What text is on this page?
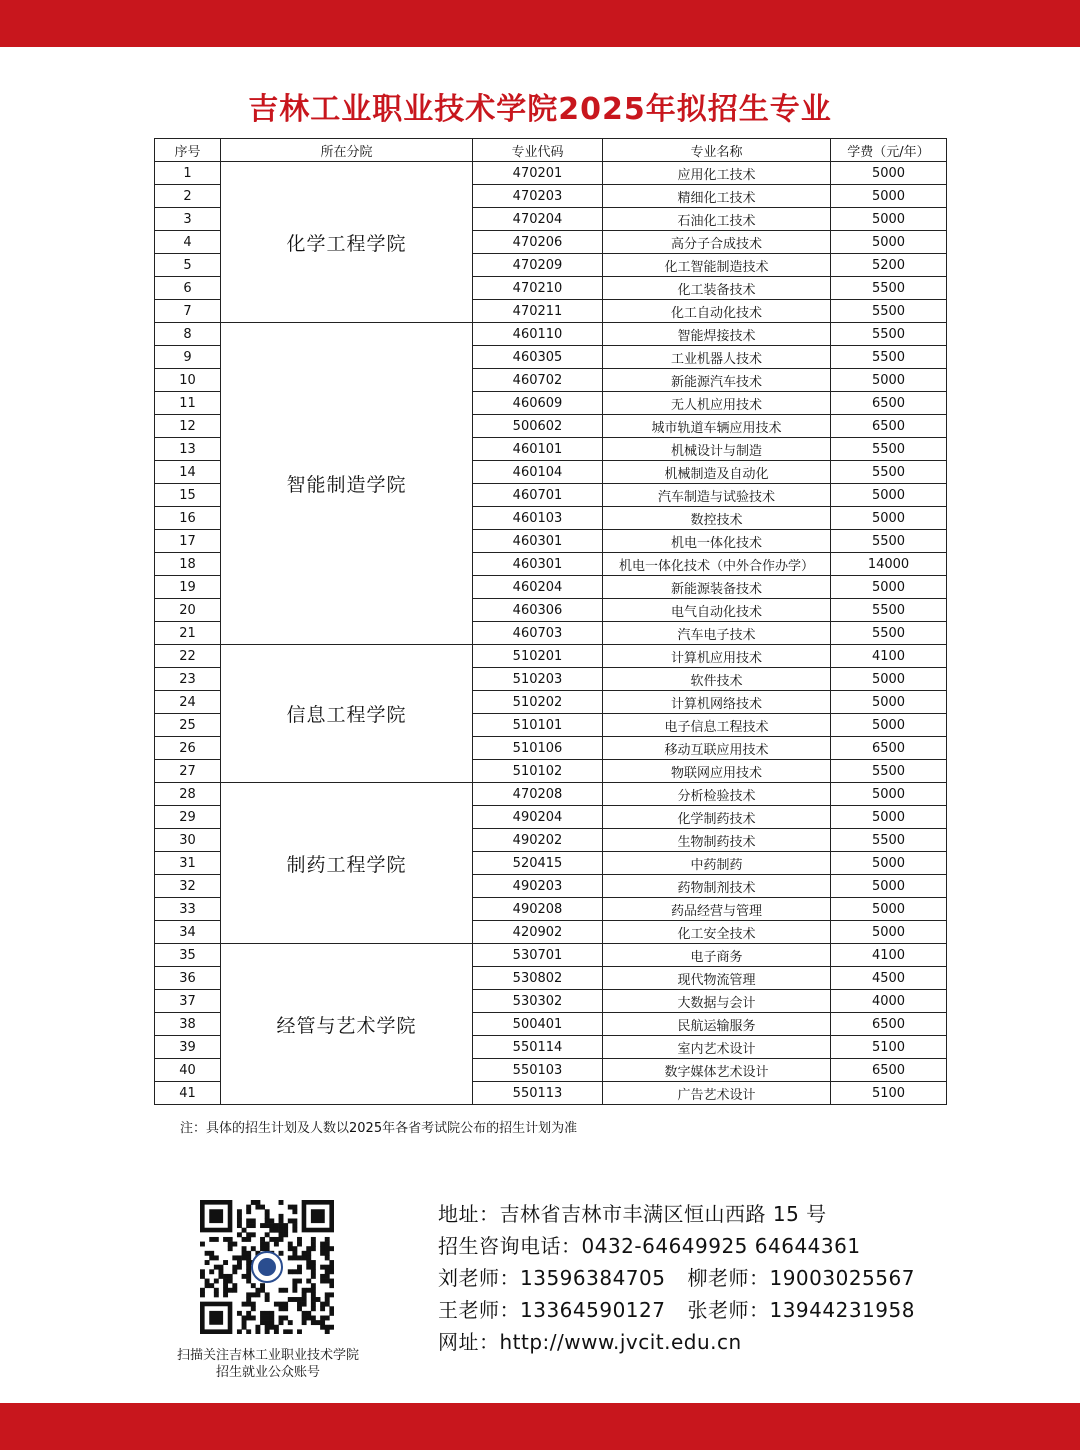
吉林工业职业技术学院2025年拟招生专业
序号	所在分院	专业代码	专业名称	学费（元/年）
1	化学工程学院	470201	应用化工技术	5000
2		470203	精细化工技术	5000
3		470204	石油化工技术	5000
4		470206	高分子合成技术	5000
5		470209	化工智能制造技术	5200
6		470210	化工装备技术	5500
7		470211	化工自动化技术	5500
8	智能制造学院	460110	智能焊接技术	5500
9		460305	工业机器人技术	5500
10		460702	新能源汽车技术	5000
11		460609	无人机应用技术	6500
12		500602	城市轨道车辆应用技术	6500
13		460101	机械设计与制造	5500
14		460104	机械制造及自动化	5500
15		460701	汽车制造与试验技术	5000
16		460103	数控技术	5000
17		460301	机电一体化技术	5500
18		460301	机电一体化技术（中外合作办学）	14000
19		460204	新能源装备技术	5000
20		460306	电气自动化技术	5500
21		460703	汽车电子技术	5500
22	信息工程学院	510201	计算机应用技术	4100
23		510203	软件技术	5000
24		510202	计算机网络技术	5000
25		510101	电子信息工程技术	5000
26		510106	移动互联应用技术	6500
27		510102	物联网应用技术	5500
28	制药工程学院	470208	分析检验技术	5000
29		490204	化学制药技术	5000
30		490202	生物制药技术	5500
31		520415	中药制药	5000
32		490203	药物制剂技术	5000
33		490208	药品经营与管理	5000
34		420902	化工安全技术	5000
35	经管与艺术学院	530701	电子商务	4100
36		530802	现代物流管理	4500
37		530302	大数据与会计	4000
38		500401	民航运输服务	6500
39		550114	室内艺术设计	5100
40		550103	数字媒体艺术设计	6500
41		550113	广告艺术设计	5100
注：具体的招生计划及人数以2025年各省考试院公布的招生计划为准
扫描关注吉林工业职业技术学院
招生就业公众账号
地址：吉林省吉林市丰满区恒山西路 15 号
招生咨询电话：0432-64649925 64644361
刘老师：13596384705 柳老师：19003025567
王老师：13364590127 张老师：13944231958
网址：http://www.jvcit.edu.cn
